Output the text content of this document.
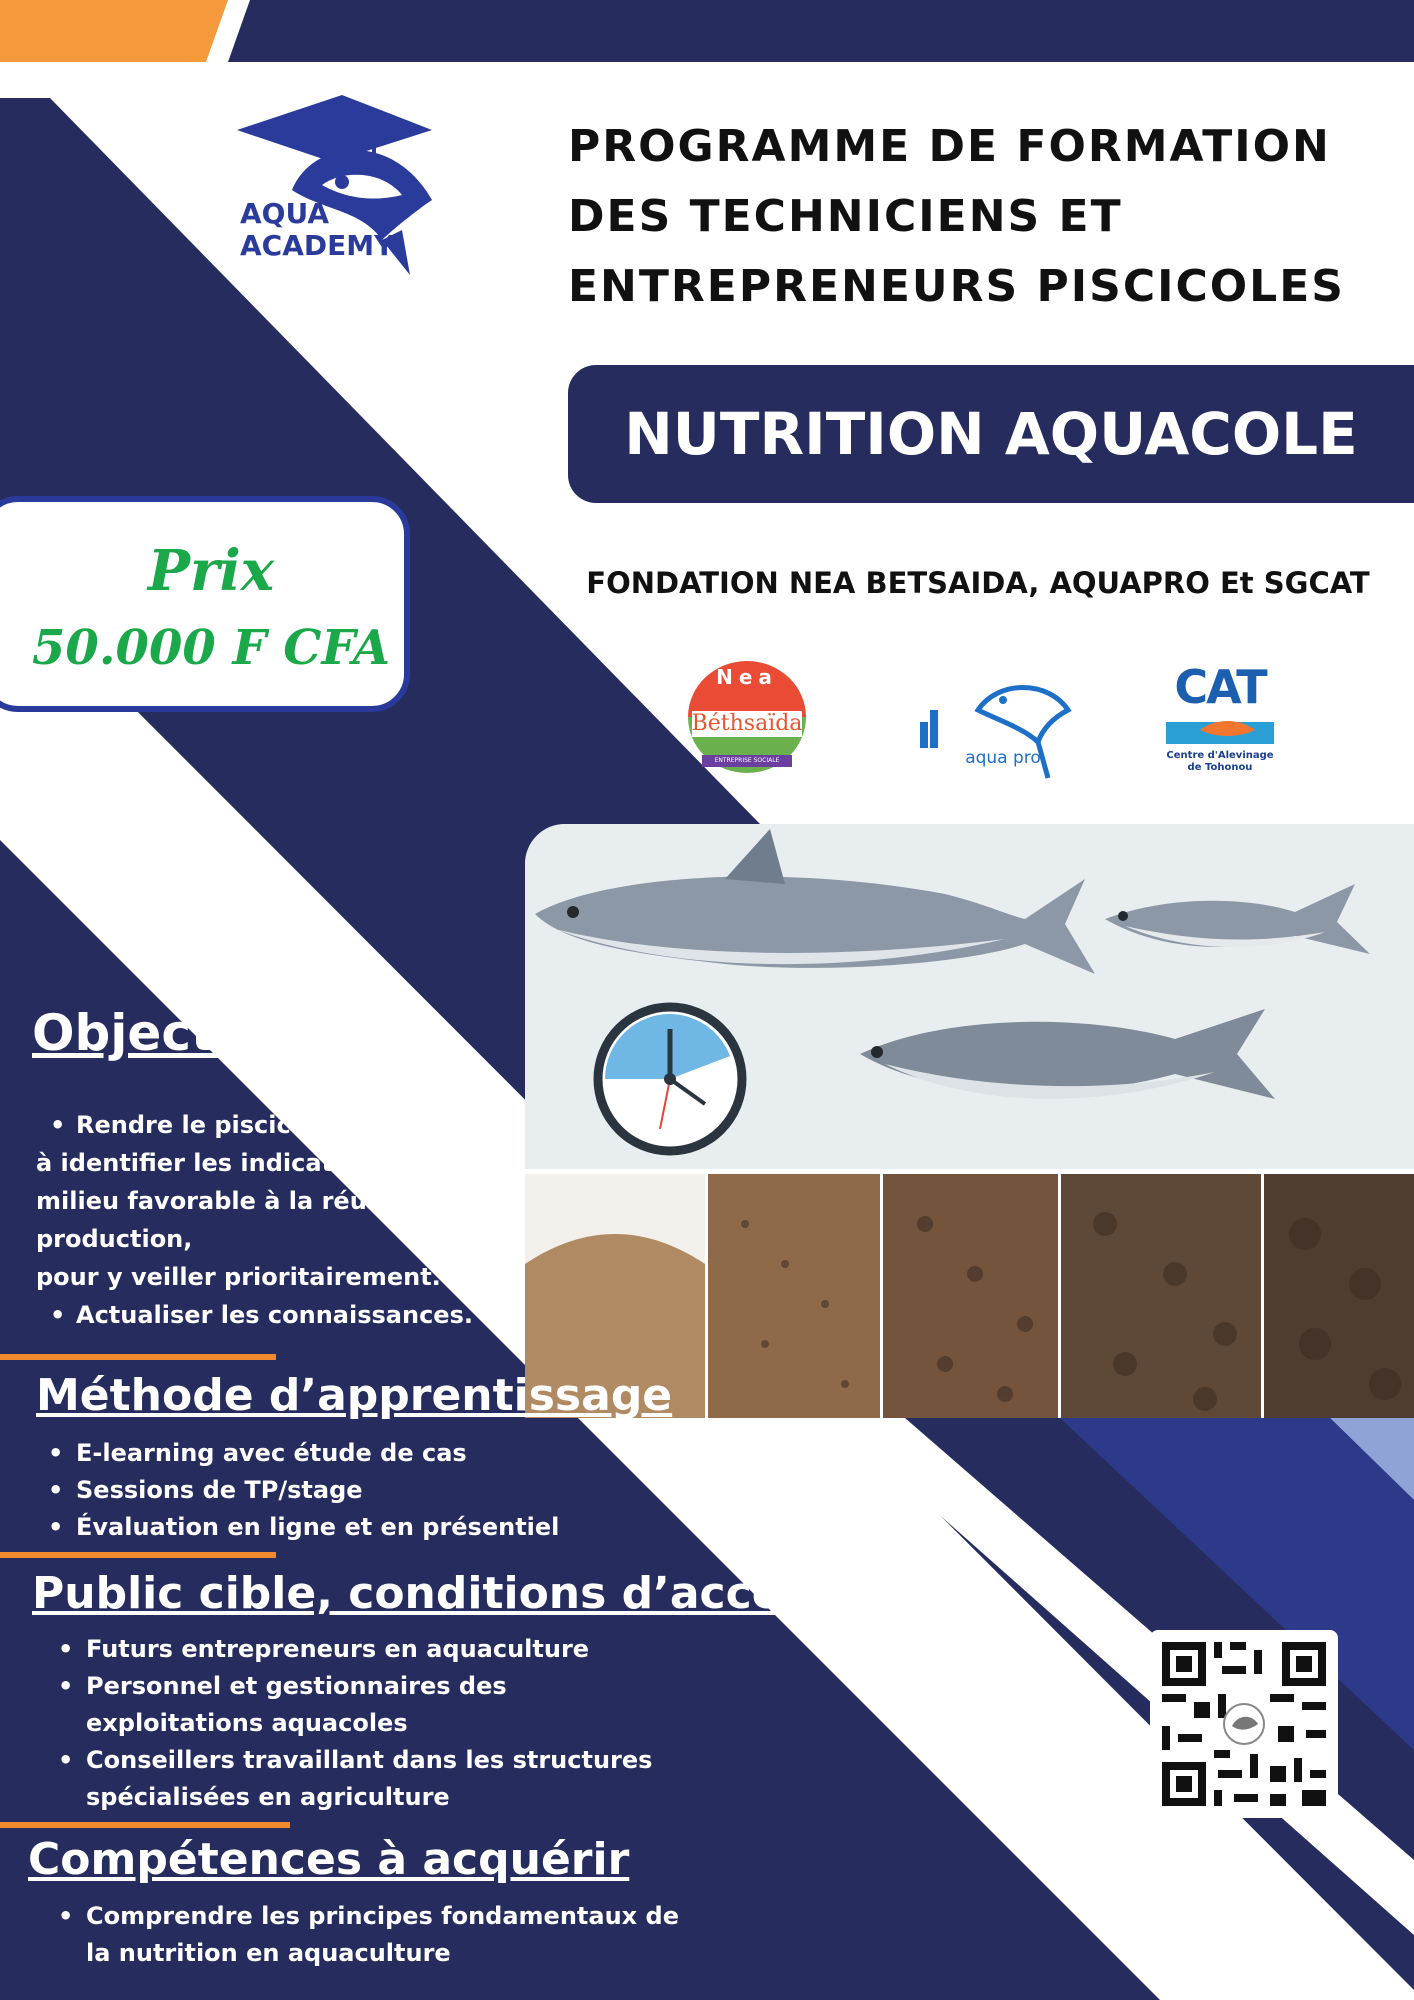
AQUA
ACADEMY
PROGRAMME DE FORMATION
DES TECHNICIENS ET
ENTREPRENEURS PISCICOLES
NUTRITION AQUACOLE
Prix
50.000 F CFA
FONDATION NEA BETSAIDA, AQUAPRO Et SGCAT
Nea
Béthsaïda
ENTREPRISE SOCIALE	aqua pro
CAT
Centre d'Alevinage
de Tohonou
Objectifs

• Rendre le pisciculteur apte

à identifier les indicateurs d’un

milieu favorable à la réussite de la

production,

pour y veiller prioritairement.

• Actualiser les connaissances.

Méthode d’apprentissage
• E-learning avec étude de cas
• Sessions de TP/stage
• Évaluation en ligne et en présentiel
Public cible, conditions d’accès
• Futurs entrepreneurs en aquaculture
• Personnel et gestionnaires des exploitations aquacoles
• Conseillers travaillant dans les structures spécialisées en agriculture
Compétences à acquérir
• Comprendre les principes fondamentaux de la nutrition en aquaculture
